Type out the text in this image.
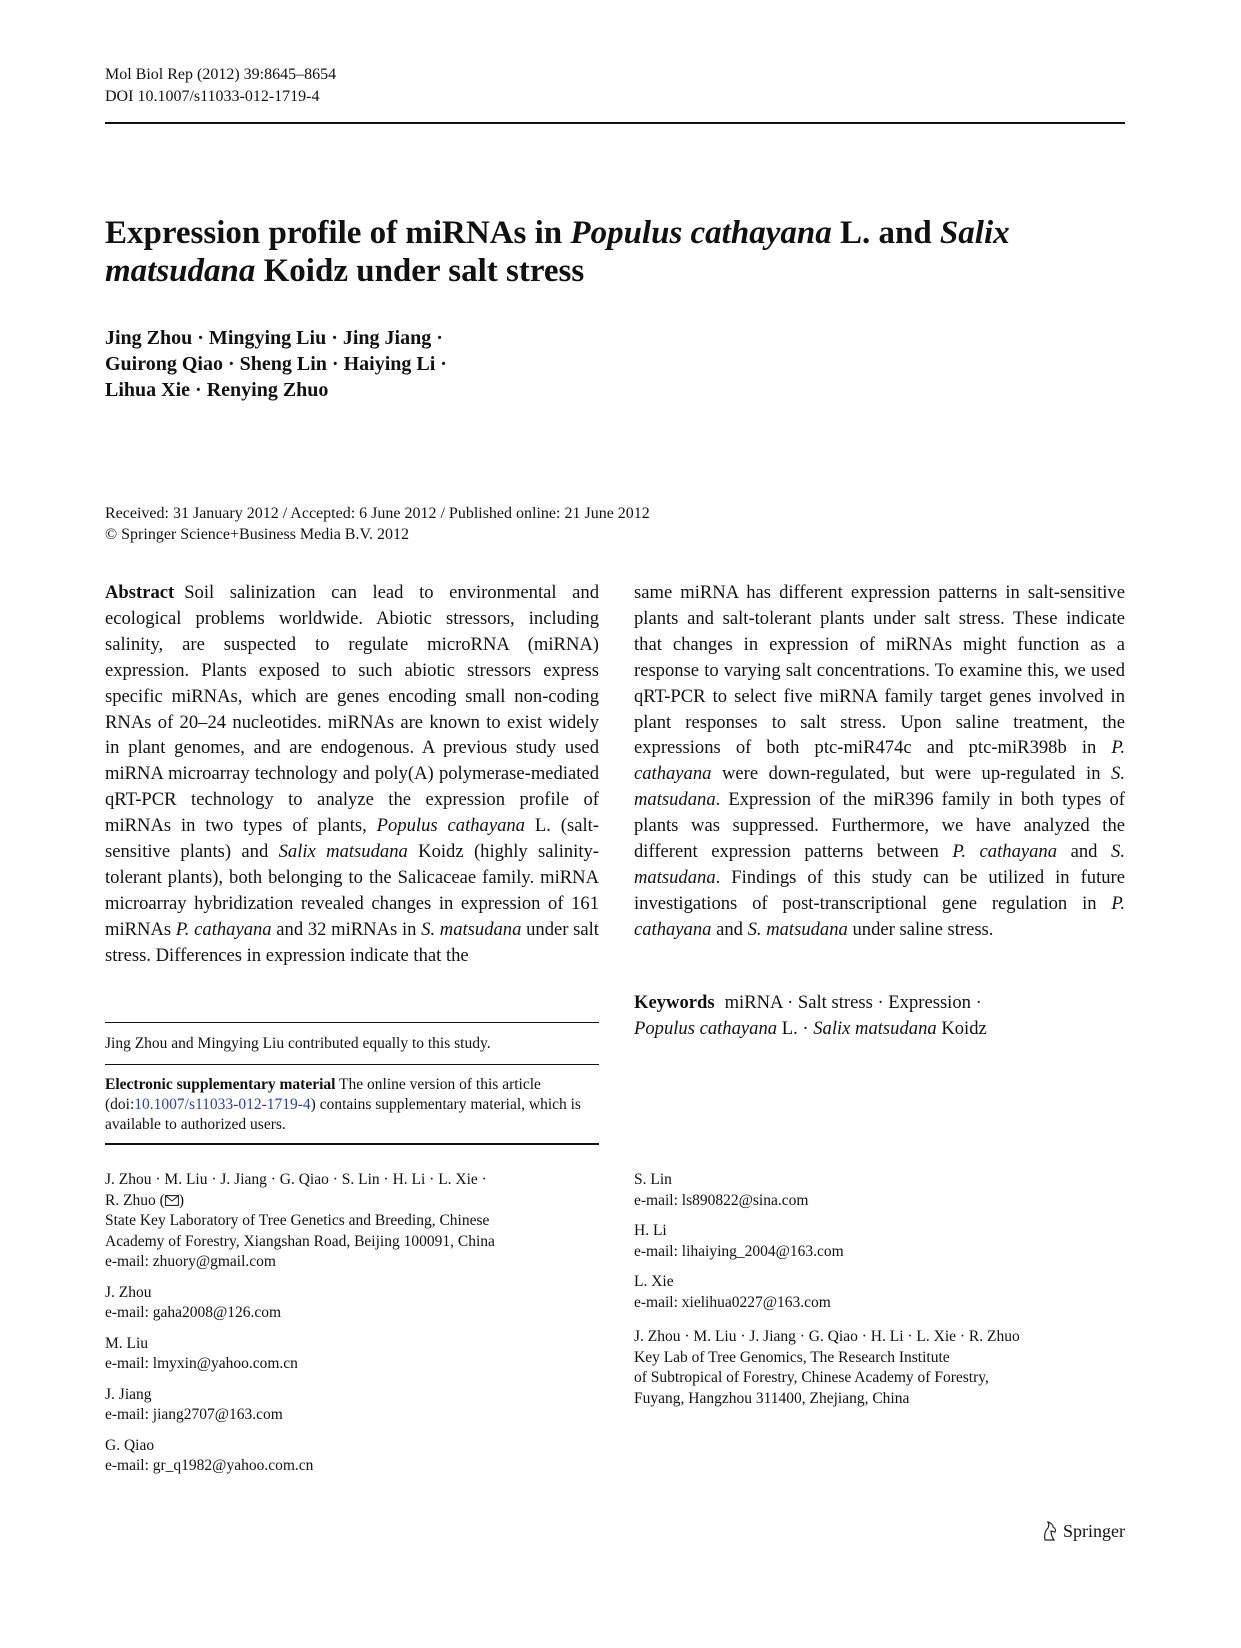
Mol Biol Rep (2012) 39:8645–8654
DOI 10.1007/s11033-012-1719-4
Expression profile of miRNAs in Populus cathayana L. and Salix
matsudana Koidz under salt stress
Jing Zhou · Mingying Liu · Jing Jiang ·
Guirong Qiao · Sheng Lin · Haiying Li ·
Lihua Xie · Renying Zhuo
Received: 31 January 2012 / Accepted: 6 June 2012 / Published online: 21 June 2012
© Springer Science+Business Media B.V. 2012
Abstract Soil salinization can lead to environmental and ecological problems worldwide. Abiotic stressors, including salinity, are suspected to regulate microRNA (miRNA) expression. Plants exposed to such abiotic stressors express specific miRNAs, which are genes encoding small non-coding RNAs of 20–24 nucleotides. miRNAs are known to exist widely in plant genomes, and are endogenous. A previous study used miRNA microarray technology and poly(A) polymerase-mediated qRT-PCR technology to analyze the expression profile of miRNAs in two types of plants, Populus cathayana L. (salt-sensitive plants) and Salix matsudana Koidz (highly salinity-tolerant plants), both belonging to the Salicaceae family. miRNA microarray hybridization revealed changes in expression of 161 miRNAs P. cathayana and 32 miRNAs in S. matsudana under salt stress. Differences in expression indicate that the
same miRNA has different expression patterns in salt-sensitive plants and salt-tolerant plants under salt stress. These indicate that changes in expression of miRNAs might function as a response to varying salt concentrations. To examine this, we used qRT-PCR to select five miRNA family target genes involved in plant responses to salt stress. Upon saline treatment, the expressions of both ptc-miR474c and ptc-miR398b in P. cathayana were down-regulated, but were up-regulated in S. matsudana. Expression of the miR396 family in both types of plants was suppressed. Furthermore, we have analyzed the different expression patterns between P. cathayana and S. matsudana. Findings of this study can be utilized in future investigations of post-transcriptional gene regulation in P. cathayana and S. matsudana under saline stress.
Keywords miRNA · Salt stress · Expression ·
Populus cathayana L. · Salix matsudana Koidz
Jing Zhou and Mingying Liu contributed equally to this study.
Electronic supplementary material The online version of this article (doi:10.1007/s11033-012-1719-4) contains supplementary material, which is available to authorized users.

J. Zhou · M. Liu · J. Jiang · G. Qiao · S. Lin · H. Li · L. Xie ·
R. Zhuo ( )
State Key Laboratory of Tree Genetics and Breeding, Chinese
Academy of Forestry, Xiangshan Road, Beijing 100091, China
e-mail: zhuory@gmail.com

J. Zhou
e-mail: gaha2008@126.com

M. Liu
e-mail: lmyxin@yahoo.com.cn

J. Jiang
e-mail: jiang2707@163.com

G. Qiao
e-mail: gr_q1982@yahoo.com.cn

S. Lin
e-mail: ls890822@sina.com

H. Li
e-mail: lihaiying_2004@163.com

L. Xie
e-mail: xielihua0227@163.com

J. Zhou · M. Liu · J. Jiang · G. Qiao · H. Li · L. Xie · R. Zhuo
Key Lab of Tree Genomics, The Research Institute
of Subtropical of Forestry, Chinese Academy of Forestry,
Fuyang, Hangzhou 311400, Zhejiang, China

Springer
